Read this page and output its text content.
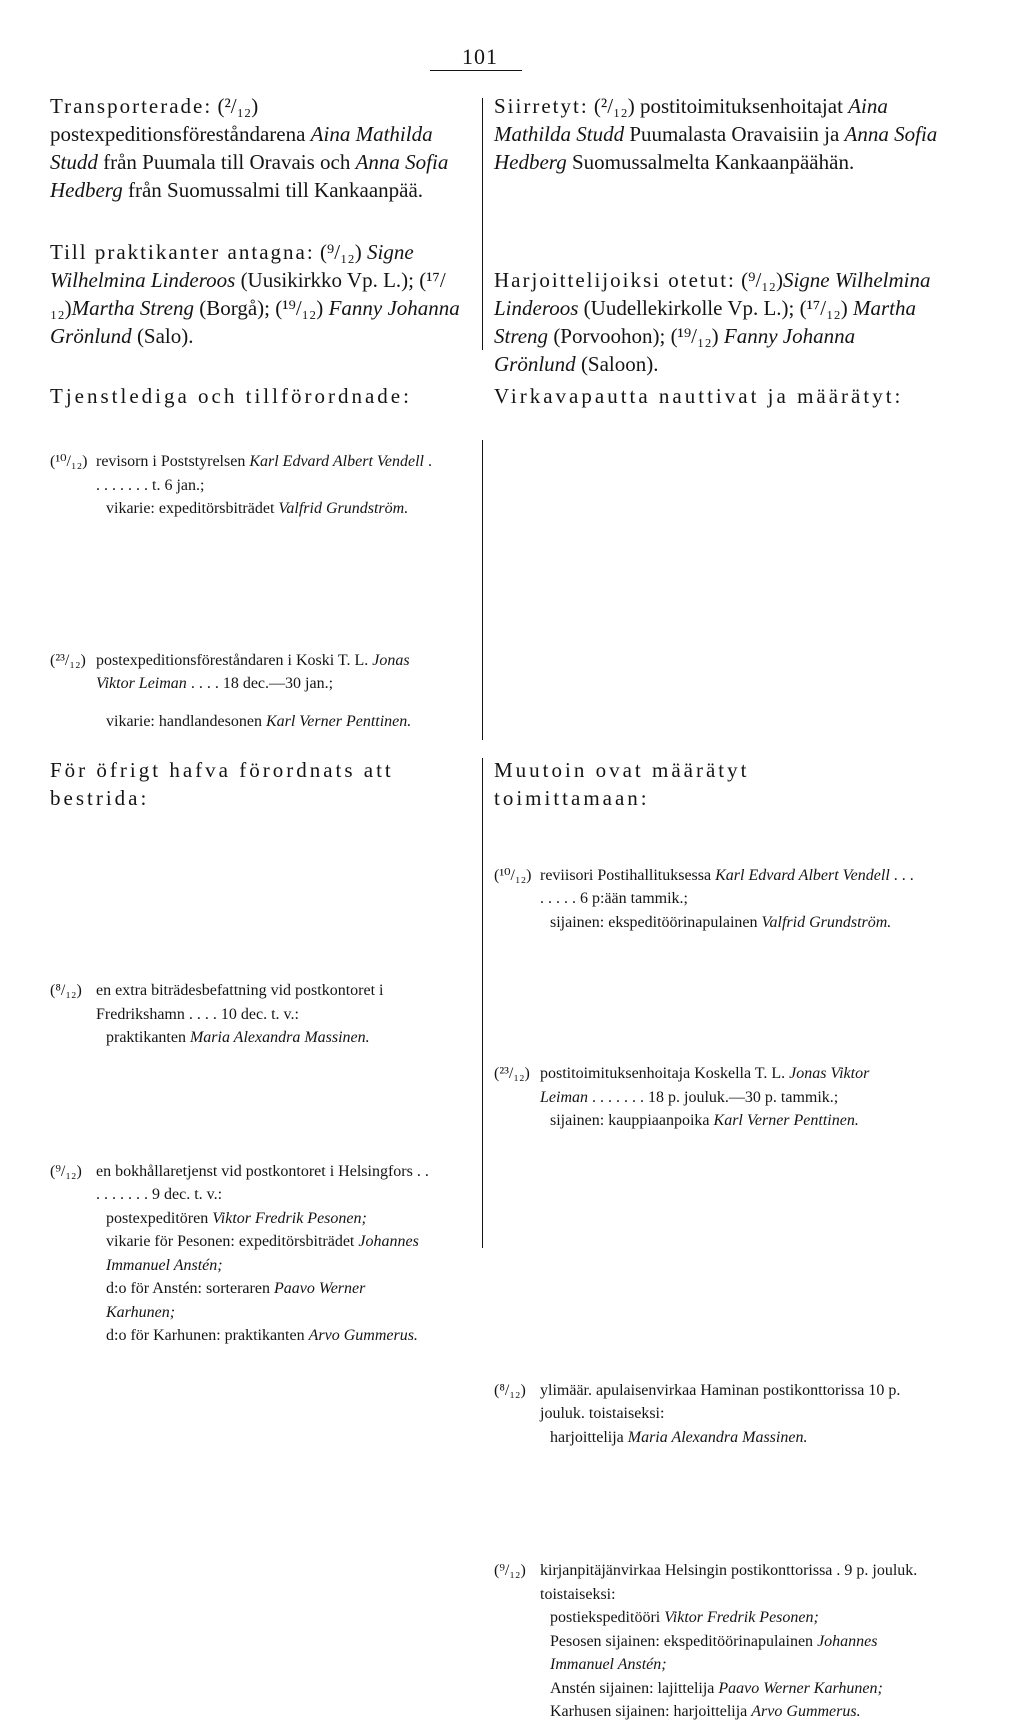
101
Transporterade: (²/₁₂) postexpeditionsföreståndarena Aina Mathilda Studd från Puumala till Oravais och Anna Sofia Hedberg från Suomussalmi till Kankaanpää.
Till praktikanter antagna: (⁹/₁₂) Signe Wilhelmina Linderoos (Uusikirkko Vp. L.); (¹⁷/₁₂)Martha Streng (Borgå); (¹⁹/₁₂) Fanny Johanna Grönlund (Salo).
Tjenstlediga och tillförordnade:
(¹⁰/₁₂) revisorn i Poststyrelsen Karl Edvard Albert Vendell . . . . . . . . t. 6 jan.;
vikarie: expeditörsbiträdet Valfrid Grundström.
(²³/₁₂) postexpeditionsföreståndaren i Koski T. L. Jonas Viktor Leiman . . . . 18 dec.—30 jan.;
vikarie: handlandesonen Karl Verner Penttinen.
För öfrigt hafva förordnats att bestrida:
(⁸/₁₂) en extra biträdesbefattning vid postkontoret i Fredrikshamn . . . . 10 dec. t. v.:
praktikanten Maria Alexandra Massinen.
(⁹/₁₂) en bokhållaretjenst vid postkontoret i Helsingfors . . . . . . . . . 9 dec. t. v.:
postexpeditören Viktor Fredrik Pesonen;
vikarie för Pesonen: expeditörsbiträdet Johannes Immanuel Anstén;
d:o för Anstén: sorteraren Paavo Werner Karhunen;
d:o för Karhunen: praktikanten Arvo Gummerus.
Siirretyt: (²/₁₂) postitoimituksenhoitajat Aina Mathilda Studd Puumalasta Oravaisiin ja Anna Sofia Hedberg Suomussalmelta Kankaanpäähän.
Harjoittelijoiksi otetut: (⁹/₁₂)Signe Wilhelmina Linderoos (Uudellekirkolle Vp. L.); (¹⁷/₁₂) Martha Streng (Porvoohon); (¹⁹/₁₂) Fanny Johanna Grönlund (Saloon).
Virkavapautta nauttivat ja määrätyt:
(¹⁰/₁₂) reviisori Postihallituksessa Karl Edvard Albert Vendell . . . . . . . . 6 p:ään tammik.;
sijainen: ekspeditöörinapulainen Valfrid Grundström.
(²³/₁₂) postitoimituksenhoitaja Koskella T. L. Jonas Viktor Leiman . . . . . . . 18 p. jouluk.—30 p. tammik.;
sijainen: kauppiaanpoika Karl Verner Penttinen.
Muutoin ovat määrätyt toimittamaan:
(⁸/₁₂) ylimäär. apulaisenvirkaa Haminan postikonttorissa 10 p. jouluk. toistaiseksi:
harjoittelija Maria Alexandra Massinen.
(⁹/₁₂) kirjanpitäjänvirkaa Helsingin postikonttorissa . 9 p. jouluk. toistaiseksi:
postiekspeditööri Viktor Fredrik Pesonen;
Pesosen sijainen: ekspeditöörinapulainen Johannes Immanuel Anstén;
Anstén sijainen: lajittelija Paavo Werner Karhunen;
Karhusen sijainen: harjoittelija Arvo Gummerus.
